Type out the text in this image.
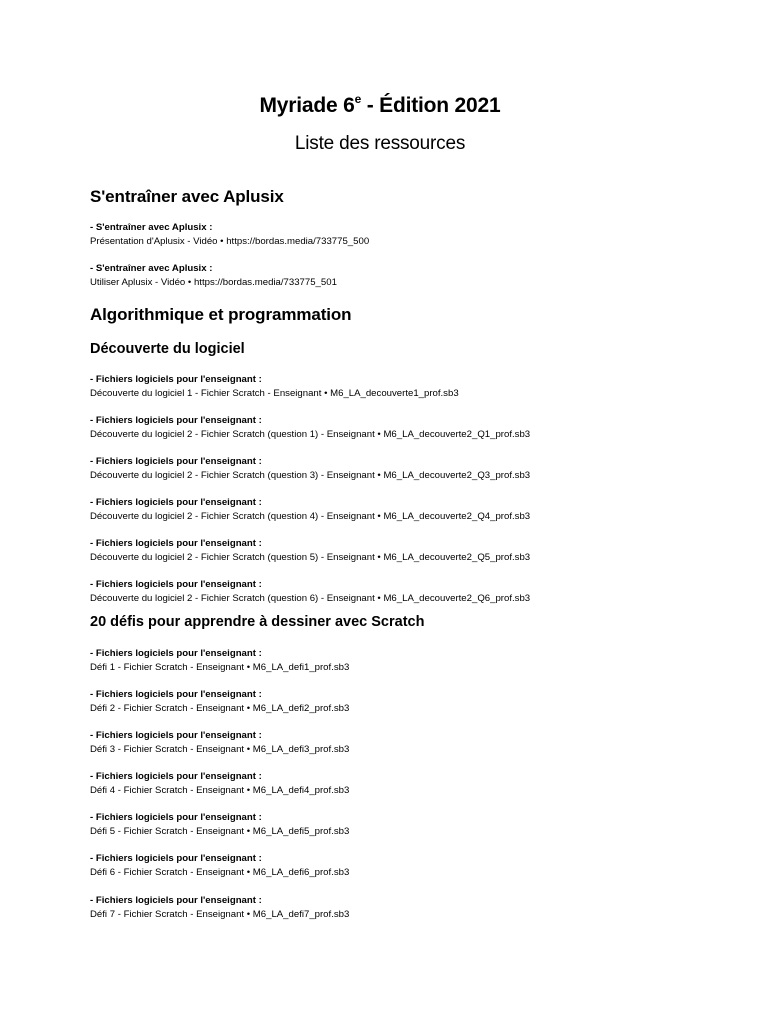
Myriade 6e - Édition 2021
Liste des ressources
S'entraîner avec Aplusix
- S'entraîner avec Aplusix :
Présentation d'Aplusix - Vidéo • https://bordas.media/733775_500
- S'entraîner avec Aplusix :
Utiliser Aplusix - Vidéo • https://bordas.media/733775_501
Algorithmique et programmation
Découverte du logiciel
- Fichiers logiciels pour l'enseignant :
Découverte du logiciel 1 - Fichier Scratch - Enseignant • M6_LA_decouverte1_prof.sb3
- Fichiers logiciels pour l'enseignant :
Découverte du logiciel 2 - Fichier Scratch (question 1) - Enseignant • M6_LA_decouverte2_Q1_prof.sb3
- Fichiers logiciels pour l'enseignant :
Découverte du logiciel 2 - Fichier Scratch (question 3) - Enseignant • M6_LA_decouverte2_Q3_prof.sb3
- Fichiers logiciels pour l'enseignant :
Découverte du logiciel 2 - Fichier Scratch (question 4) - Enseignant • M6_LA_decouverte2_Q4_prof.sb3
- Fichiers logiciels pour l'enseignant :
Découverte du logiciel 2 - Fichier Scratch (question 5) - Enseignant • M6_LA_decouverte2_Q5_prof.sb3
- Fichiers logiciels pour l'enseignant :
Découverte du logiciel 2 - Fichier Scratch (question 6) - Enseignant • M6_LA_decouverte2_Q6_prof.sb3
20 défis pour apprendre à dessiner avec Scratch
- Fichiers logiciels pour l'enseignant :
Défi 1 - Fichier Scratch - Enseignant • M6_LA_defi1_prof.sb3
- Fichiers logiciels pour l'enseignant :
Défi 2 - Fichier Scratch - Enseignant • M6_LA_defi2_prof.sb3
- Fichiers logiciels pour l'enseignant :
Défi 3 - Fichier Scratch - Enseignant • M6_LA_defi3_prof.sb3
- Fichiers logiciels pour l'enseignant :
Défi 4 - Fichier Scratch - Enseignant • M6_LA_defi4_prof.sb3
- Fichiers logiciels pour l'enseignant :
Défi 5 - Fichier Scratch - Enseignant • M6_LA_defi5_prof.sb3
- Fichiers logiciels pour l'enseignant :
Défi 6 - Fichier Scratch - Enseignant • M6_LA_defi6_prof.sb3
- Fichiers logiciels pour l'enseignant :
Défi 7 - Fichier Scratch - Enseignant • M6_LA_defi7_prof.sb3
